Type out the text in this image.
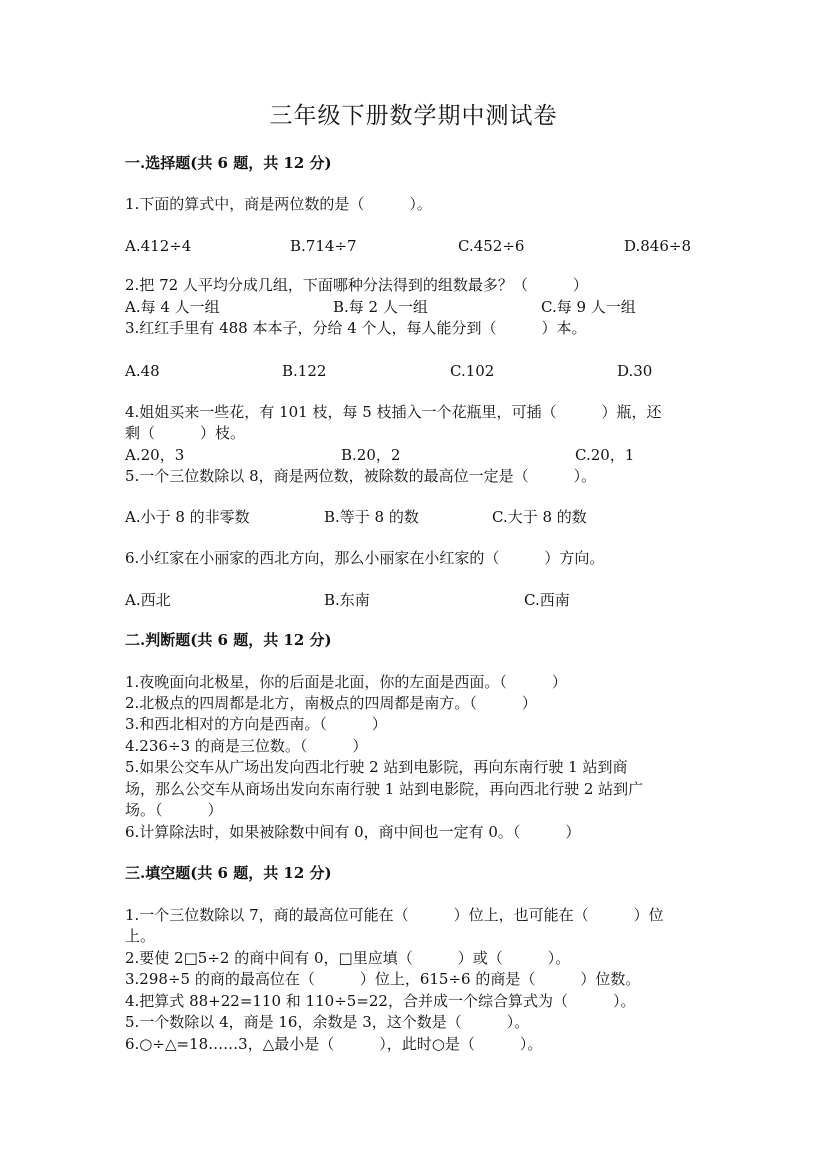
三年级下册数学期中测试卷
一.选择题(共 6 题，共 12 分)
1.下面的算式中，商是两位数的是（　　　）。
A.412÷4	B.714÷7	C.452÷6	D.846÷8
2.把 72 人平均分成几组，下面哪种分法得到的组数最多？（　　　）
A.每 4 人一组	B.每 2 人一组	C.每 9 人一组
3.红红手里有 488 本本子，分给 4 个人，每人能分到（　　　）本。
A.48	B.122	C.102	D.30
4.姐姐买来一些花，有 101 枝，每 5 枝插入一个花瓶里，可插（　　　）瓶，还
剩（　　　）枝。
A.20，3	B.20，2	C.20，1
5.一个三位数除以 8，商是两位数，被除数的最高位一定是（　　　）。
A.小于 8 的非零数	B.等于 8 的数	C.大于 8 的数
6.小红家在小丽家的西北方向，那么小丽家在小红家的（　　　）方向。
A.西北	B.东南	C.西南
二.判断题(共 6 题，共 12 分)
1.夜晚面向北极星，你的后面是北面，你的左面是西面。（　　　）
2.北极点的四周都是北方，南极点的四周都是南方。（　　　）
3.和西北相对的方向是西南。（　　　）
4.236÷3 的商是三位数。（　　　）
5.如果公交车从广场出发向西北行驶 2 站到电影院，再向东南行驶 1 站到商
场，那么公交车从商场出发向东南行驶 1 站到电影院，再向西北行驶 2 站到广
场。（　　　）
6.计算除法时，如果被除数中间有 0，商中间也一定有 0。（　　　）
三.填空题(共 6 题，共 12 分)
1.一个三位数除以 7，商的最高位可能在（　　　）位上，也可能在（　　　）位
上。
2.要使 2□5÷2 的商中间有 0，□里应填（　　　）或（　　　）。
3.298÷5 的商的最高位在（　　　）位上，615÷6 的商是（　　　）位数。
4.把算式 88+22=110 和 110÷5=22，合并成一个综合算式为（　　　）。
5.一个数除以 4，商是 16，余数是 3，这个数是（　　　）。
6.○÷△=18……3，△最小是（　　　），此时○是（　　　）。
